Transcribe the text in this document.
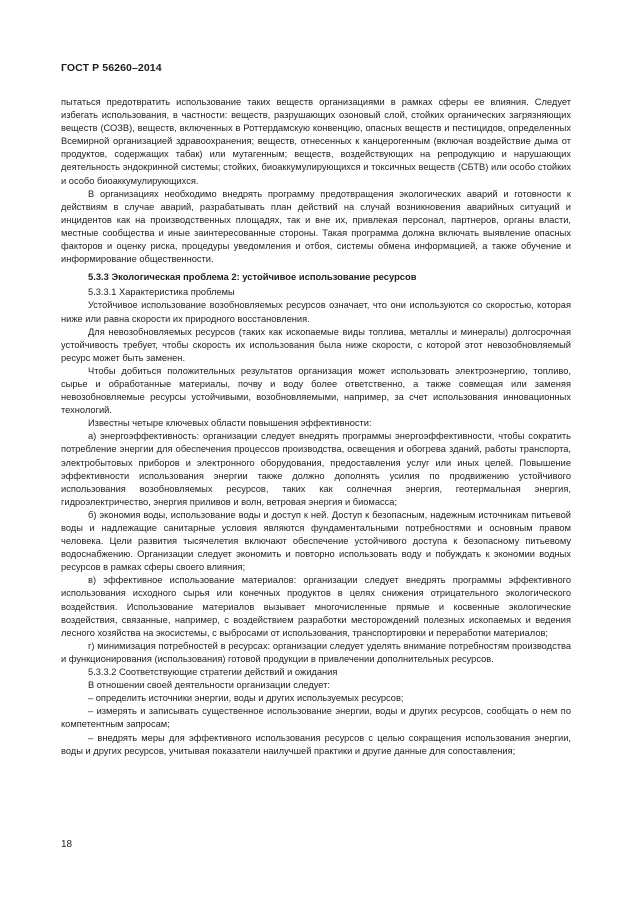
ГОСТ Р 56260–2014

пытаться предотвратить использование таких веществ организациями в рамках сферы ее влияния. Следует избегать использования, в частности: веществ, разрушающих озоновый слой, стойких органических загрязняющих веществ (СОЗВ), веществ, включенных в Роттердамскую конвенцию, опасных веществ и пестицидов, определенных Всемирной организацией здравоохранения; веществ, отнесенных к канцерогенным (включая воздействие дыма от продуктов, содержащих табак) или мутагенным; веществ, воздействующих на репродукцию и нарушающих деятельность эндокринной системы; стойких, биоаккумулирующихся и токсичных веществ (СБТВ) или особо стойких и особо биоаккумулирующихся.

В организациях необходимо внедрять программу предотвращения экологических аварий и готовности к действиям в случае аварий, разрабатывать план действий на случай возникновения аварийных ситуаций и инцидентов как на производственных площадях, так и вне их, привлекая персонал, партнеров, органы власти, местные сообщества и иные заинтересованные стороны. Такая программа должна включать выявление опасных факторов и оценку риска, процедуры уведомления и отбоя, системы обмена информацией, а также обучение и информирование общественности.

5.3.3 Экологическая проблема 2: устойчивое использование ресурсов

5.3.3.1 Характеристика проблемы

Устойчивое использование возобновляемых ресурсов означает, что они используются со скоростью, которая ниже или равна скорости их природного восстановления.

Для невозобновляемых ресурсов (таких как ископаемые виды топлива, металлы и минералы) долгосрочная устойчивость требует, чтобы скорость их использования была ниже скорости, с которой этот невозобновляемый ресурс может быть заменен.

Чтобы добиться положительных результатов организация может использовать электроэнергию, топливо, сырье и обработанные материалы, почву и воду более ответственно, а также совмещая или заменяя невозобновляемые ресурсы устойчивыми, возобновляемыми, например, за счет использования инновационных технологий.

Известны четыре ключевых области повышения эффективности:

а) энергоэффективность: организации следует внедрять программы энергоэффективности, чтобы сократить потребление энергии для обеспечения процессов производства, освещения и обогрева зданий, работы транспорта, электробытовых приборов и электронного оборудования, предоставления услуг или иных целей. Повышение эффективности использования энергии также должно дополнять усилия по продвижению устойчивого использования возобновляемых ресурсов, таких как солнечная энергия, геотермальная энергия, гидроэлектричество, энергия приливов и волн, ветровая энергия и биомасса;

б) экономия воды, использование воды и доступ к ней. Доступ к безопасным, надежным источникам питьевой воды и надлежащие санитарные условия являются фундаментальными потребностями и основным правом человека. Цели развития тысячелетия включают обеспечение устойчивого доступа к безопасному питьевому водоснабжению. Организации следует экономить и повторно использовать воду и побуждать к экономии водных ресурсов в рамках сферы своего влияния;

в) эффективное использование материалов: организации следует внедрять программы эффективного использования исходного сырья или конечных продуктов в целях снижения отрицательного экологического воздействия. Использование материалов вызывает многочисленные прямые и косвенные экологические воздействия, связанные, например, с воздействием разработки месторождений полезных ископаемых и ведения лесного хозяйства на экосистемы, с выбросами от использования, транспортировки и переработки материалов;

г) минимизация потребностей в ресурсах: организации следует уделять внимание потребностям производства и функционирования (использования) готовой продукции в привлечении дополнительных ресурсов.

5.3.3.2 Соответствующие стратегии действий и ожидания

В отношении своей деятельности организации следует:

– определить источники энергии, воды и других используемых ресурсов;

– измерять и записывать существенное использование энергии, воды и других ресурсов, сообщать о нем по компетентным запросам;

– внедрять меры для эффективного использования ресурсов с целью сокращения использования энергии, воды и других ресурсов, учитывая показатели наилучшей практики и другие данные для сопоставления;

18
